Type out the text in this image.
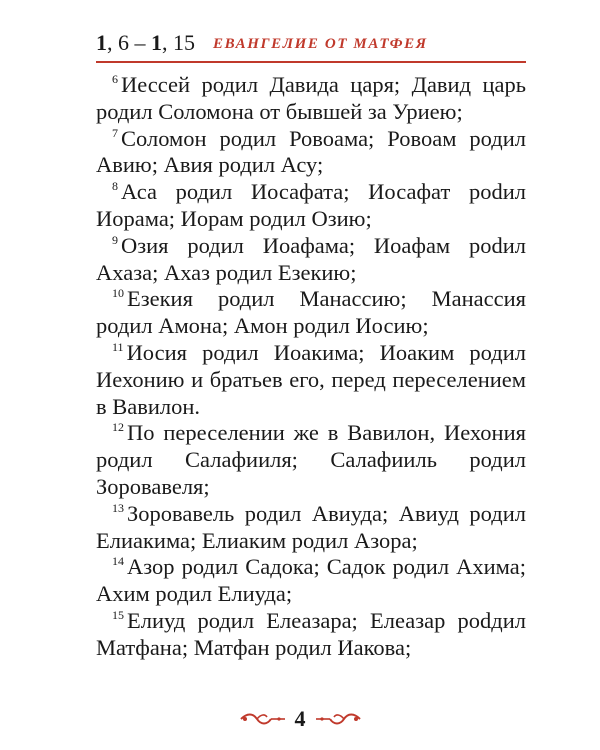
1, 6 – 1, 15 ЕВАНГЕЛИЕ ОТ МАТФЕЯ

$^6$ Иессей родил Давида царя; Давид царь родил Соломона от бывшей за Уриею;

$^7$ Соломон родил Ровоама; Ровоам родил Авию; Авия родил Асу;

$^8$ Аса родил Иосафата; Иосафат роdил Иорама; Иорам родил Озию;

$^9$ Озия родил Иоафама; Иоафам роdил Ахаза; Ахаз родил Езекию;

$^{10}$ Езекия родил Манассию; Манассия родил Амона; Амон родил Иосию;

$^{11}$ Иосия родил Иоакима; Иоаким родил Иехонию и братьев его, перед переселением в Вавилон.

$^{12}$ По переселении же в Вавилон, Иехония родил Салафииля; Салафииль родил Зоровавеля;

$^{13}$ Зоровавель родил Авиуда; Авиуд родил Елиакима; Елиаким родил Азора;

$^{14}$ Азор родил Садока; Садок родил Ахима; Ахим родил Елиуда;

$^{15}$ Елиуд родил Елеазара; Елеазар роdдил Матфана; Матфан родил Иакова;

4
